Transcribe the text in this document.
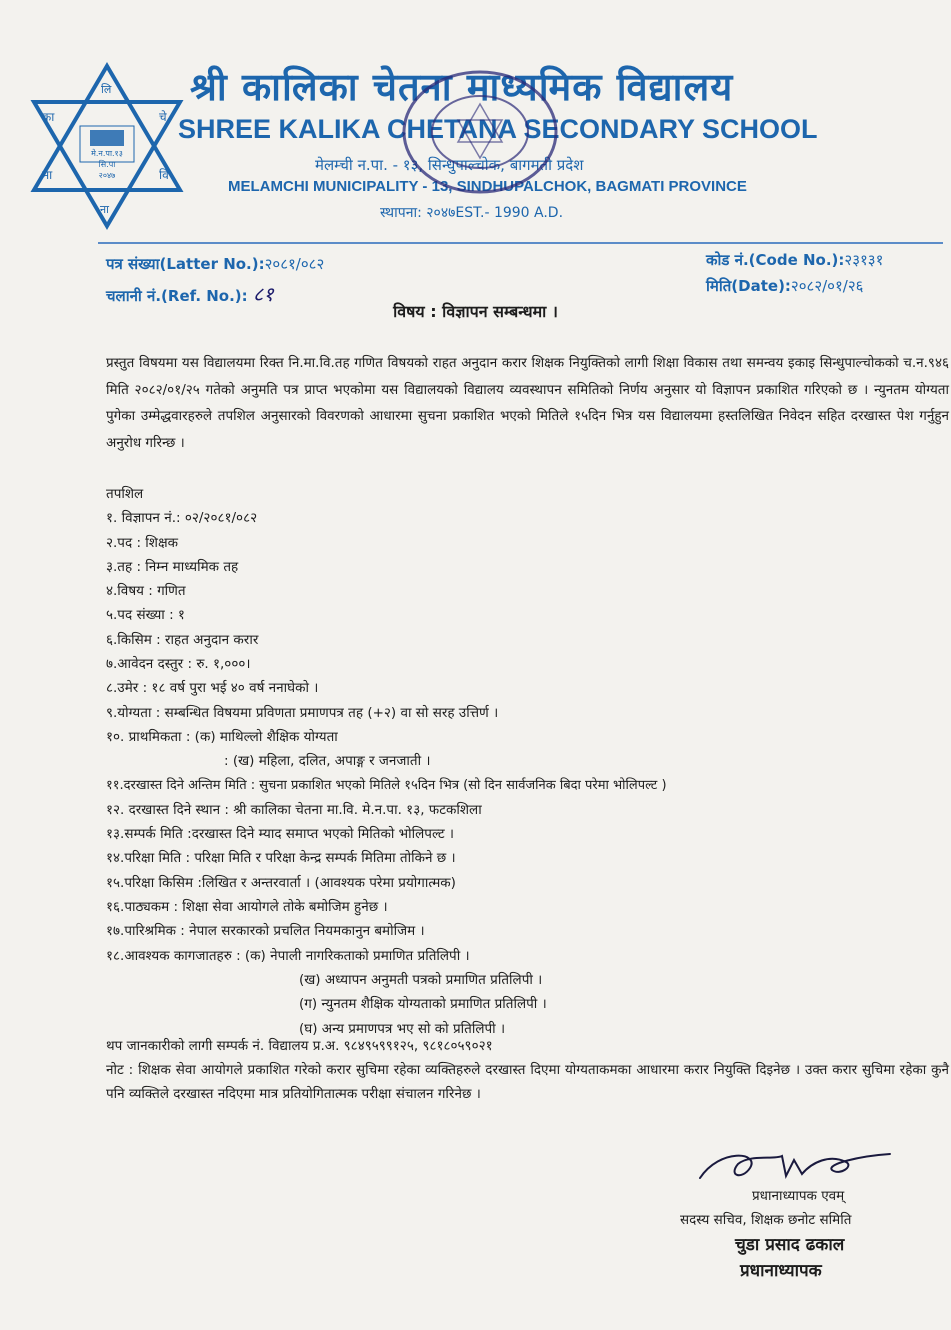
लि
का	चे
मा	वि
ना
मे.न.पा.१३
सि.पा
२०४७
श्री कालिका चेतना माध्यमिक विद्यालय
SHREE KALIKA CHETANA SECONDARY SCHOOL
मेलम्ची न.पा. - १३, सिन्धुपाल्चोक, बागमती प्रदेश
MELAMCHI MUNICIPALITY - 13, SINDHUPALCHOK, BAGMATI PROVINCE
स्थापना: २०४७EST.- 1990 A.D.
पत्र संख्या(Latter No.):२०८१/०८२
चलानी नं.(Ref. No.): ८१
कोड नं.(Code No.):२३१३१
मिति(Date):२०८२/०१/२६
विषय : विज्ञापन सम्बन्धमा ।
प्रस्तुत विषयमा यस विद्यालयमा रिक्त नि.मा.वि.तह गणित विषयको राहत अनुदान करार शिक्षक नियुक्तिको लागी शिक्षा विकास तथा समन्वय इकाइ सिन्धुपाल्चोकको च.न.९४६ मिति २०८२/०१/२५ गतेको अनुमति पत्र प्राप्त भएकोमा यस विद्यालयको विद्यालय व्यवस्थापन समितिको निर्णय अनुसार यो विज्ञापन प्रकाशित गरिएको छ । न्युनतम योग्यता पुगेका उम्मेद्धवारहरुले तपशिल अनुसारको विवरणको आधारमा सुचना प्रकाशित भएको मितिले १५दिन भित्र यस विद्यालयमा हस्तलिखित निवेदन सहित दरखास्त पेश गर्नुहुन अनुरोध गरिन्छ ।
तपशिल
१. विज्ञापन नं.: ०२/२०८१/०८२
२.पद : शिक्षक
३.तह : निम्न माध्यमिक तह
४.विषय : गणित
५.पद संख्या : १
६.किसिम : राहत अनुदान करार
७.आवेदन दस्तुर : रु. १,०००।
८.उमेर : १८ वर्ष पुरा भई ४० वर्ष ननाघेको ।
९.योग्यता : सम्बन्धित विषयमा प्रविणता प्रमाणपत्र तह (+२) वा सो सरह उत्तिर्ण ।
१०. प्राथमिकता : (क) माथिल्लो शैक्षिक योग्यता
: (ख) महिला, दलित, अपाङ्ग र जनजाती ।
११.दरखास्त दिने अन्तिम मिति : सुचना प्रकाशित भएको मितिले १५दिन भित्र (सो दिन सार्वजनिक बिदा परेमा भोलिपल्ट )
१२. दरखास्त दिने स्थान : श्री कालिका चेतना मा.वि. मे.न.पा. १३, फटकशिला
१३.सम्पर्क मिति :दरखास्त दिने म्याद समाप्त भएको मितिको भोलिपल्ट ।
१४.परिक्षा मिति : परिक्षा मिति र परिक्षा केन्द्र सम्पर्क मितिमा तोकिने छ ।
१५.परिक्षा किसिम :लिखित र अन्तरवार्ता । (आवश्यक परेमा प्रयोगात्मक)
१६.पाठ्यकम : शिक्षा सेवा आयोगले तोके बमोजिम हुनेछ ।
१७.पारिश्रमिक : नेपाल सरकारको प्रचलित नियमकानुन बमोजिम ।
१८.आवश्यक कागजातहरु : (क) नेपाली नागरिकताको प्रमाणित प्रतिलिपी ।
(ख) अध्यापन अनुमती पत्रको प्रमाणित प्रतिलिपी ।
(ग) न्युनतम शैक्षिक योग्यताको प्रमाणित प्रतिलिपी ।
(घ) अन्य प्रमाणपत्र भए सो को प्रतिलिपी ।
थप जानकारीको लागी सम्पर्क नं. विद्यालय प्र.अ. ९८४९५९९१२५, ९८१८०५९०२१
नोट : शिक्षक सेवा आयोगले प्रकाशित गरेको करार सुचिमा रहेका व्यक्तिहरुले दरखास्त दिएमा योग्यताकमका आधारमा करार नियुक्ति दिइनेछ । उक्त करार सुचिमा रहेका कुनै पनि व्यक्तिले दरखास्त नदिएमा मात्र प्रतियोगितात्मक परीक्षा संचालन गरिनेछ ।
प्रधानाध्यापक एवम्
सदस्य सचिव, शिक्षक छनोट समिति
चुडा प्रसाद ढकाल
प्रधानाध्यापक
